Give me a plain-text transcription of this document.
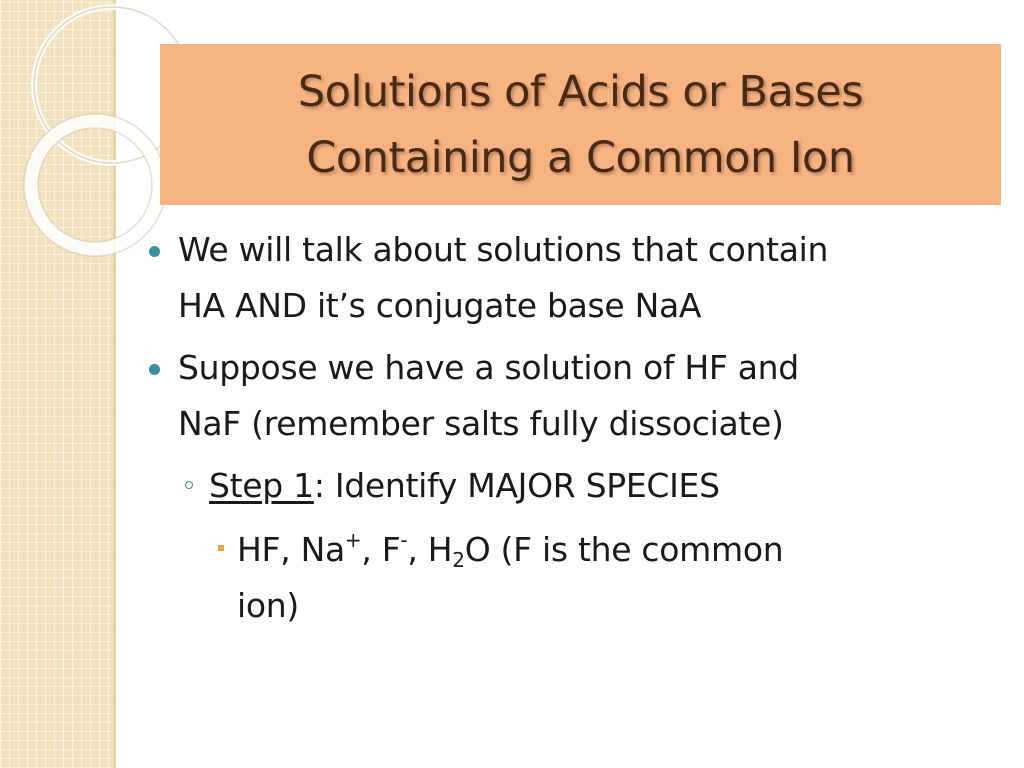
Solutions of Acids or Bases
Containing a Common Ion
We will talk about solutions that contain
HA AND it’s conjugate base NaA
Suppose we have a solution of HF and
NaF (remember salts fully dissociate)
Step 1: Identify MAJOR SPECIES
HF, Na+, F-, $H_2O$ (F is the common
ion)
